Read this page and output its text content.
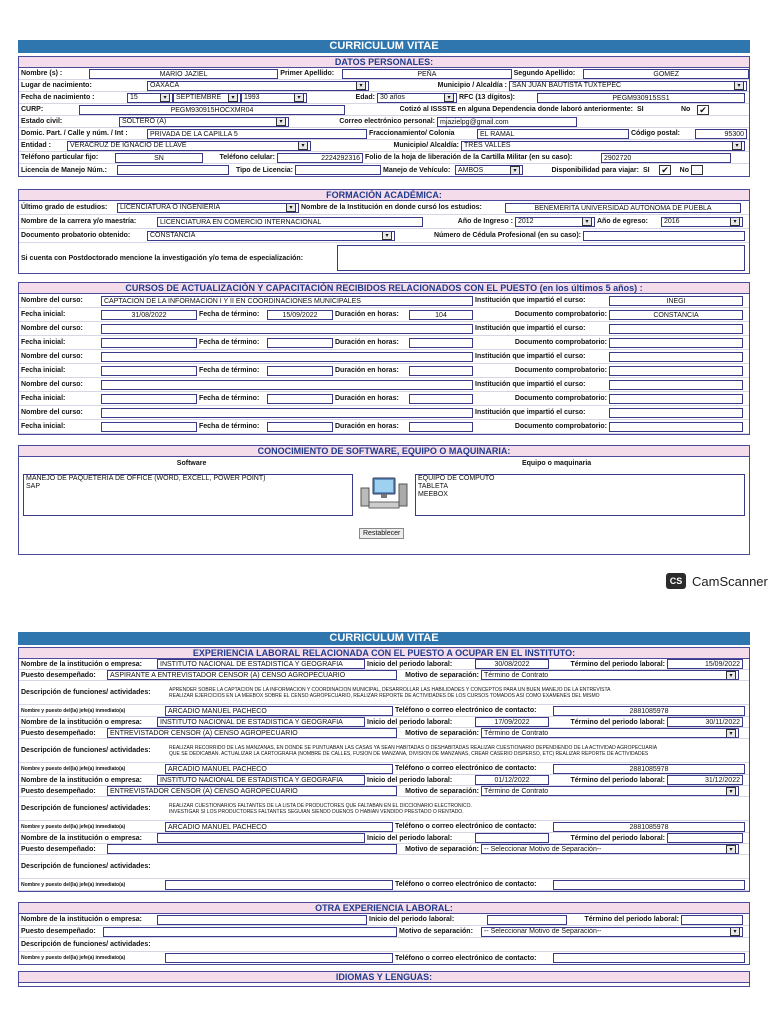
CURRICULUM VITAE
DATOS PERSONALES:
Nombre (s) :	MARIO JAZIEL	Primer Apellido:	PEÑA	Segundo Apellido:	GOMEZ
Lugar de nacimiento:	OAXACA	▾	Municipio / Alcaldía : SAN JUAN BAUTISTA TUXTEPEC	▾
Fecha de nacimiento :	15	▾	SEPTIEMBRE	▾	1993	▾	Edad: 30 años	▾	RFC (13 dígitos):	PEGM930915SS1
CURP:	PEGM930915HOCXMR04	Cotizó al ISSSTE en alguna Dependencia donde laboró anteriormente: SI	No ✔
Estado civil:	SOLTERO (A)	▾	Correo electrónico personal: mjazielpg@gmail.com
Domic. Part. / Calle y núm. / Int :	PRIVADA DE LA CAPILLA 5	Fraccionamiento/ Colonia	EL RAMAL	Código postal:	95300
Entidad :	VERACRUZ DE IGNACIO DE LLAVE	▾	Municipio/ Alcaldía: TRES VALLES	▾
Teléfono particular fijo:	SN	Teléfono celular:	2224292316 Folio de la hoja de liberación de la Cartilla Militar (en su caso):	2902720
Licencia de Manejo Núm.:	Tipo de Licencia:	Manejo de Vehículo:	AMBOS	▾	Disponibilidad para viajar: SI	✔	No
FORMACIÓN ACADÉMICA:
Último grado de estudios:	LICENCIATURA O INGENIERÍA	▾	Nombre de la Institución en donde cursó los estudios:	BENEMERITA UNIVERSIDAD AUTONOMA DE PUEBLA
Nombre de la carrera y/o maestría:	LICENCIATURA EN COMERCIO INTERNACIONAL	Año de Ingreso : 2012	▾	Año de egreso:	2016	▾
Documento probatorio obtenido:	CONSTANCIA	▾	Número de Cédula Profesional (en su caso):
Si cuenta con Postdoctorado mencione la investigación y/o tema de especialización:
CURSOS DE ACTUALIZACIÓN Y CAPACITACIÓN RECIBIDOS RELACIONADOS CON EL PUESTO (en los últimos 5 años) :
Nombre del curso:	CAPTACION DE LA INFORMACION I Y II EN COORDINACIONES MUNICIPALES	Institución que impartió el curso:	INEGI
Fecha inicial:	31/08/2022	Fecha de término:	15/09/2022	Duración en horas:	104	Documento comprobatorio:	CONSTANCIA
Nombre del curso:	Institución que impartió el curso:
Fecha inicial:	Fecha de término:	Duración en horas:	Documento comprobatorio:
Nombre del curso:	Institución que impartió el curso:
Fecha inicial:	Fecha de término:	Duración en horas:	Documento comprobatorio:
Nombre del curso:	Institución que impartió el curso:
Fecha inicial:	Fecha de término:	Duración en horas:	Documento comprobatorio:
Nombre del curso:	Institución que impartió el curso:
Fecha inicial:	Fecha de término:	Duración en horas:	Documento comprobatorio:
CONOCIMIENTO DE SOFTWARE, EQUIPO O MAQUINARIA:
Software	Equipo o maquinaria
MANEJO DE PAQUETERIA DE OFFICE (WORD, EXCELL, POWER POINT)
SAP
EQUIPO DE COMPUTO
TABLETA
MEEBOX
Restablecer
CS CamScanner
CURRICULUM VITAE
EXPERIENCIA LABORAL RELACIONADA CON EL PUESTO A OCUPAR EN EL INSTITUTO:
Nombre de la institución o empresa:	INSTITUTO NACIONAL DE ESTADISTICA Y GEOGRAFIA	Inicio del periodo laboral:	30/08/2022	Término del periodo laboral:	15/09/2022
Puesto desempeñado:	ASPIRANTE A ENTREVISTADOR CENSOR (A) CENSO AGROPECUARIO	Motivo de separación: Término de Contrato	▾
Descripción de funciones/ actividades:	APRENDER SOBRE LA CAPTACION DE LA INFORMACION Y COORDINACION MUNICIPAL, DESARROLLAR LAS HABILIDADES Y CONCEPTOS PARA UN BUEN MANEJO DE LA ENTREVISTA
REALIZAR EJERCICIOS EN LA MEEBOX SOBRE EL CENSO AGROPECUARIO, REALIZAR REPORTE DE ACTIVIDADES DE LOS CURSOS TOMADOS ASI COMO EXAMENES DEL MISMO
Nombre y puesto del(la) jefe(a) inmediato(a)	ARCADIO MANUEL PACHECO	Teléfono o correo electrónico de contacto:	2881085978
Nombre de la institución o empresa:	INSTITUTO NACIONAL DE ESTADISTICA Y GEOGRAFIA	Inicio del periodo laboral:	17/09/2022	Término del periodo laboral:	30/11/2022
Puesto desempeñado:	ENTREVISTADOR CENSOR (A) CENSO AGROPECUARIO	Motivo de separación: Término de Contrato	▾
Descripción de funciones/ actividades:	REALIZAR RECORRIDO DE LAS MANZANAS, EN DONDE SE PUNTUABAN LAS CASAS YA SEAN HABITADAS O DESHABITADAS REALIZAR CUESTIONARIO DEPENDIENDO DE LA ACTIVIDAD AGROPECUARIA
QUE SE DEDICABAN. ACTUALIZAR LA CARTOGRAFIA (NOMBRE DE CALLES, FUSION DE MANZANA, DIVISION DE MANZANAS, CREAR CASERIO DISPERSO, ETC) REALIZAR REPORTE DE ACTIVIDADES
Nombre y puesto del(la) jefe(a) inmediato(a)	ARCADIO MANUEL PACHECO	Teléfono o correo electrónico de contacto:	2881085978
Nombre de la institución o empresa:	INSTITUTO NACIONAL DE ESTADISTICA Y GEOGRAFIA	Inicio del periodo laboral:	01/12/2022	Término del periodo laboral:	31/12/2022
Puesto desempeñado:	ENTREVISTADOR CENSOR (A) CENSO AGROPECUARIO	Motivo de separación: Término de Contrato	▾
Descripción de funciones/ actividades:	REALIZAR CUESTIONARIOS FALTANTES DE LA LISTA DE PRODUCTORES QUE FALTABAN EN EL DICCIONARIO ELECTRONICO.
INVESTIGAR SI LOS PRODUCTORES FALTANTES SEGUIAN SIENDO DUEÑOS O HABIAN VENDIDO PRESTADO O RENTADO.
Nombre y puesto del(la) jefe(a) inmediato(a)	ARCADIO MANUEL PACHECO	Teléfono o correo electrónico de contacto:	2881085978
Nombre de la institución o empresa:	Inicio del periodo laboral:	Término del periodo laboral:
Puesto desempeñado:	Motivo de separación: -- Seleccionar Motivo de Separación--	▾
Descripción de funciones/ actividades:
Nombre y puesto del(la) jefe(a) inmediato(a)	Teléfono o correo electrónico de contacto:
OTRA EXPERIENCIA LABORAL:
Nombre de la institución o empresa:	Inicio del periodo laboral:	Término del periodo laboral:
Puesto desempeñado:	Motivo de separación:	-- Seleccionar Motivo de Separación--	▾
Descripción de funciones/ actividades:
Nombre y puesto del(la) jefe(a) inmediato(a)	Teléfono o correo electrónico de contacto:
IDIOMAS Y LENGUAS:
